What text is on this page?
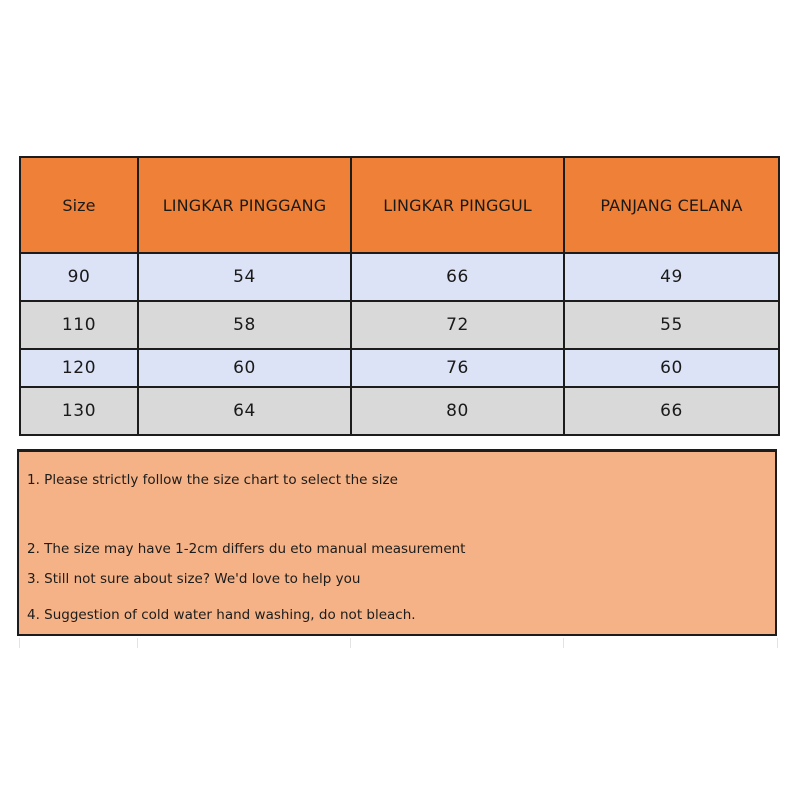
Size	LINGKAR PINGGANG	LINGKAR PINGGUL	PANJANG CELANA
90	54	66	49
110	58	72	55
120	60	76	60
130	64	80	66
1. Please strictly follow the size chart to select the size
2. The size may have 1-2cm differs du eto manual measurement
3. Still not sure about size? We'd love to help you
4. Suggestion of cold water hand washing, do not bleach.
